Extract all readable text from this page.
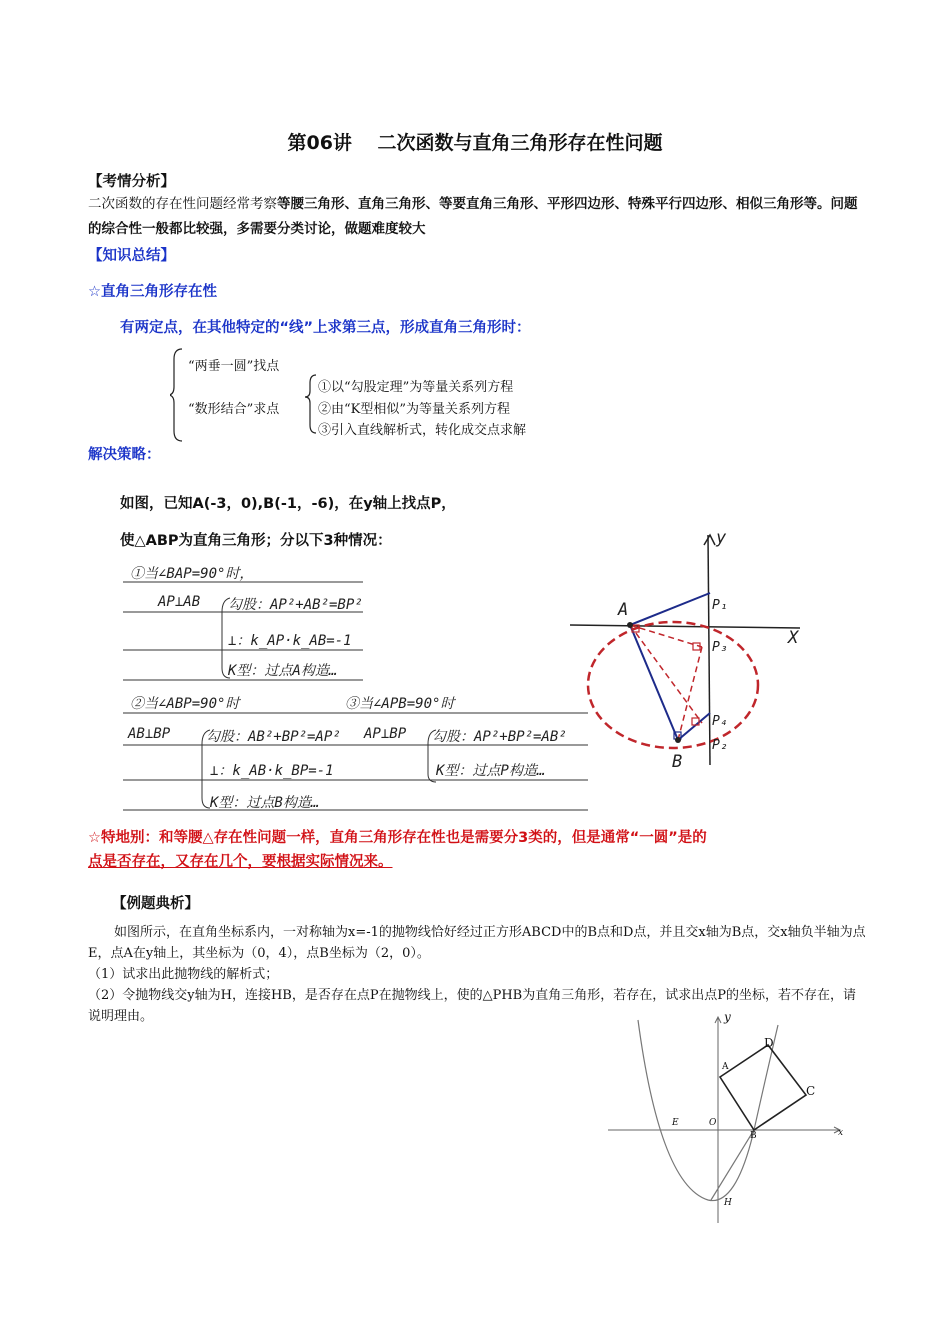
第06讲　 二次函数与直角三角形存在性问题
【考情分析】
二次函数的存在性问题经常考察等腰三角形、直角三角形、等要直角三角形、平形四边形、特殊平行四边形、相似三角形等。问题的综合性一般都比较强，多需要分类讨论，做题难度较大
【知识总结】
☆直角三角形存在性
有两定点，在其他特定的“线”上求第三点，形成直角三角形时：
“两垂一圆”找点
“数形结合”求点
①以“勾股定理”为等量关系列方程
②由“K型相似”为等量关系列方程
③引入直线解析式，转化成交点求解
解决策略：
如图，已知A(-3，0),B(-1，-6)，在y轴上找点P，
使△ABP为直角三角形；分以下3种情况：
①当∠BAP=90°时，
AP⊥AB 勾股：AP²+AB²=BP²
⊥：k_AP·k_AB=-1
K型：过点A构造…
②当∠ABP=90°时	③当∠APB=90°时
AB⊥BP	勾股：AB²+BP²=AP² AP⊥BP 勾股：AP²+BP²=AB²
⊥：k_AB·k_BP=-1	K型：过点P构造…
K型：过点B构造…
A
B
P₁
P₂
P₃
P₄
X
y
☆特地别：和等腰△存在性问题一样，直角三角形存在性也是需要分3类的，但是通常“一圆”是的
点是否存在，又存在几个，要根据实际情况来。
【例题典析】
如图所示，在直角坐标系内，一对称轴为x=-1的抛物线恰好经过正方形ABCD中的B点和D点，并且交x轴为B点，交x轴负半轴为点E，点A在y轴上，其坐标为（0，4），点B坐标为（2，0）。
（1）试求出此抛物线的解析式；
（2）令抛物线交y轴为H，连接HB，是否存在点P在抛物线上，使的△PHB为直角三角形，若存在，试求出点P的坐标，若不存在，请说明理由。	y
D
A
C
E	O
B	x
H
